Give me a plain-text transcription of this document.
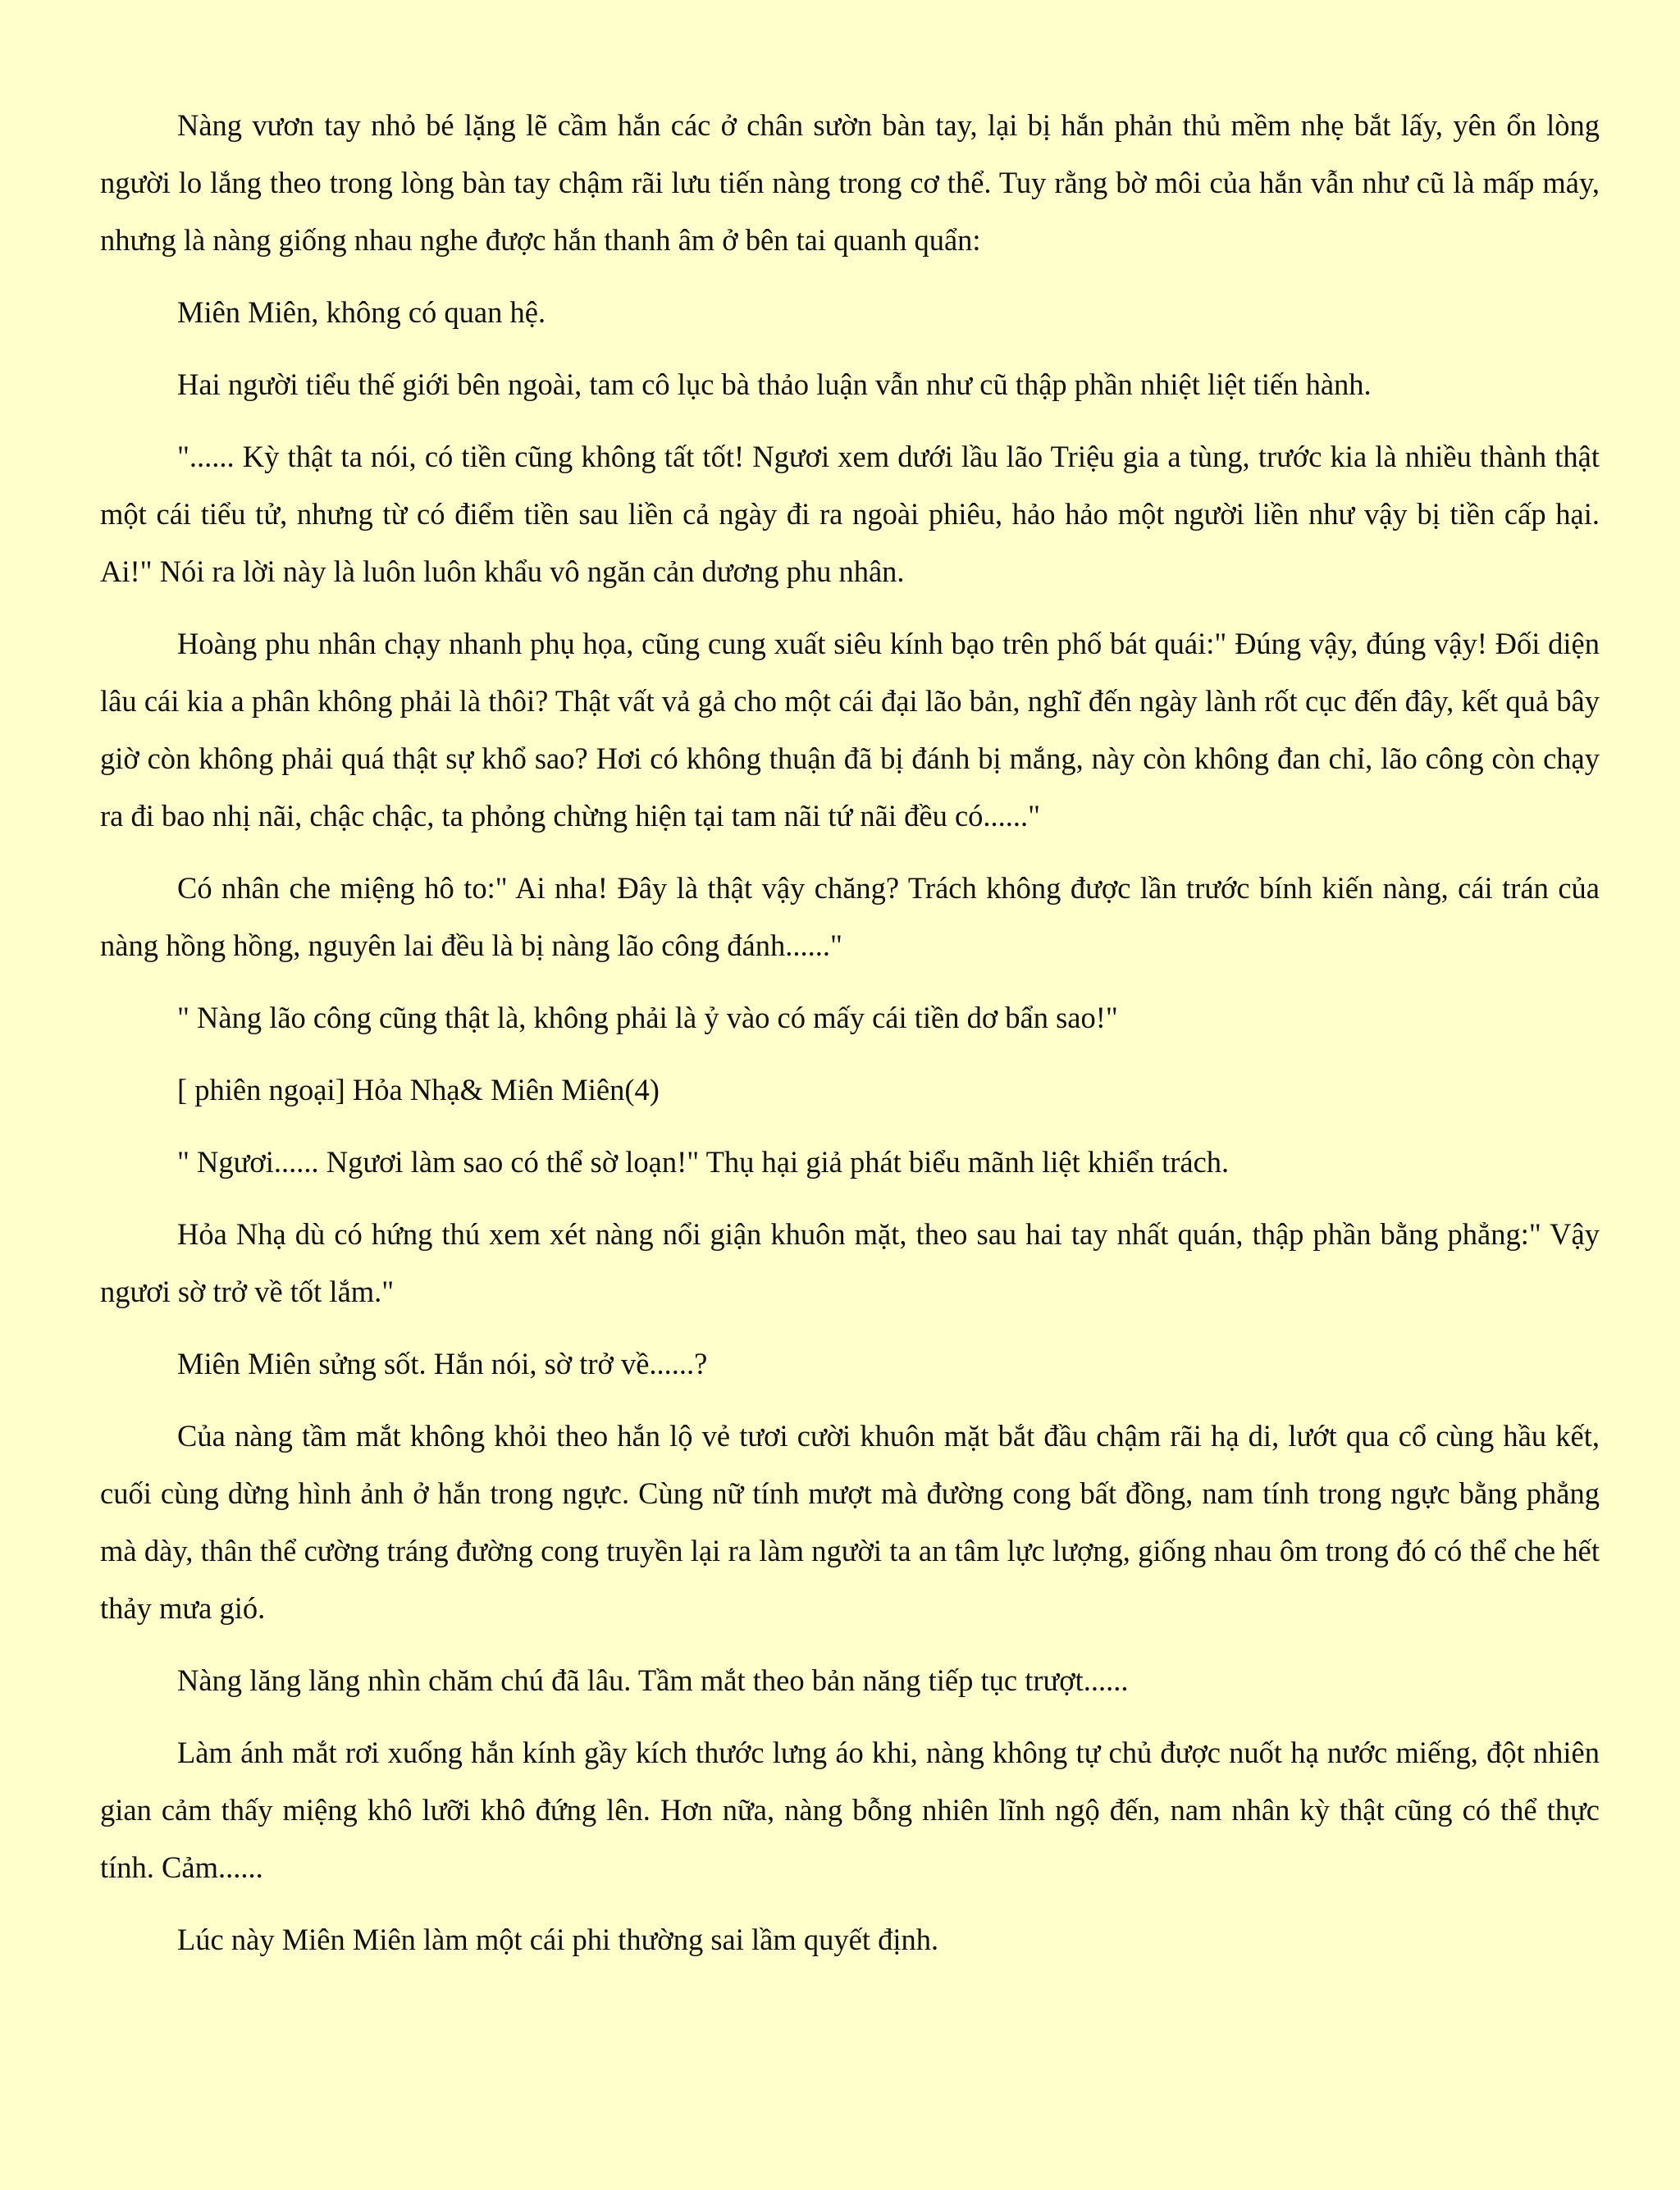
Nàng vươn tay nhỏ bé lặng lẽ cầm hắn các ở chân sườn bàn tay, lại bị hắn phản thủ mềm nhẹ bắt lấy, yên ổn lòng người lo lắng theo trong lòng bàn tay chậm rãi lưu tiến nàng trong cơ thể. Tuy rằng bờ môi của hắn vẫn như cũ là mấp máy, nhưng là nàng giống nhau nghe được hắn thanh âm ở bên tai quanh quẩn:

Miên Miên, không có quan hệ.

Hai người tiểu thế giới bên ngoài, tam cô lục bà thảo luận vẫn như cũ thập phần nhiệt liệt tiến hành.

"...... Kỳ thật ta nói, có tiền cũng không tất tốt! Ngươi xem dưới lầu lão Triệu gia a tùng, trước kia là nhiều thành thật một cái tiểu tử, nhưng từ có điểm tiền sau liền cả ngày đi ra ngoài phiêu, hảo hảo một người liền như vậy bị tiền cấp hại. Ai!" Nói ra lời này là luôn luôn khẩu vô ngăn cản dương phu nhân.

Hoàng phu nhân chạy nhanh phụ họa, cũng cung xuất siêu kính bạo trên phố bát quái:" Đúng vậy, đúng vậy! Đối diện lâu cái kia a phân không phải là thôi? Thật vất vả gả cho một cái đại lão bản, nghĩ đến ngày lành rốt cục đến đây, kết quả bây giờ còn không phải quá thật sự khổ sao? Hơi có không thuận đã bị đánh bị mắng, này còn không đan chỉ, lão công còn chạy ra đi bao nhị nãi, chậc chậc, ta phỏng chừng hiện tại tam nãi tứ nãi đều có......"

Có nhân che miệng hô to:" Ai nha! Đây là thật vậy chăng? Trách không được lần trước bính kiến nàng, cái trán của nàng hồng hồng, nguyên lai đều là bị nàng lão công đánh......"

" Nàng lão công cũng thật là, không phải là ỷ vào có mấy cái tiền dơ bẩn sao!"

[ phiên ngoại] Hỏa Nhạ& Miên Miên(4)

" Ngươi...... Ngươi làm sao có thể sờ loạn!" Thụ hại giả phát biểu mãnh liệt khiển trách.

Hỏa Nhạ dù có hứng thú xem xét nàng nổi giận khuôn mặt, theo sau hai tay nhất quán, thập phần bằng phẳng:" Vậy ngươi sờ trở về tốt lắm."

Miên Miên sửng sốt. Hắn nói, sờ trở về......?

Của nàng tầm mắt không khỏi theo hắn lộ vẻ tươi cười khuôn mặt bắt đầu chậm rãi hạ di, lướt qua cổ cùng hầu kết, cuối cùng dừng hình ảnh ở hắn trong ngực. Cùng nữ tính mượt mà đường cong bất đồng, nam tính trong ngực bằng phẳng mà dày, thân thể cường tráng đường cong truyền lại ra làm người ta an tâm lực lượng, giống nhau ôm trong đó có thể che hết thảy mưa gió.

Nàng lăng lăng nhìn chăm chú đã lâu. Tầm mắt theo bản năng tiếp tục trượt......

Làm ánh mắt rơi xuống hắn kính gầy kích thước lưng áo khi, nàng không tự chủ được nuốt hạ nước miếng, đột nhiên gian cảm thấy miệng khô lưỡi khô đứng lên. Hơn nữa, nàng bỗng nhiên lĩnh ngộ đến, nam nhân kỳ thật cũng có thể thực tính. Cảm......

Lúc này Miên Miên làm một cái phi thường sai lầm quyết định.
